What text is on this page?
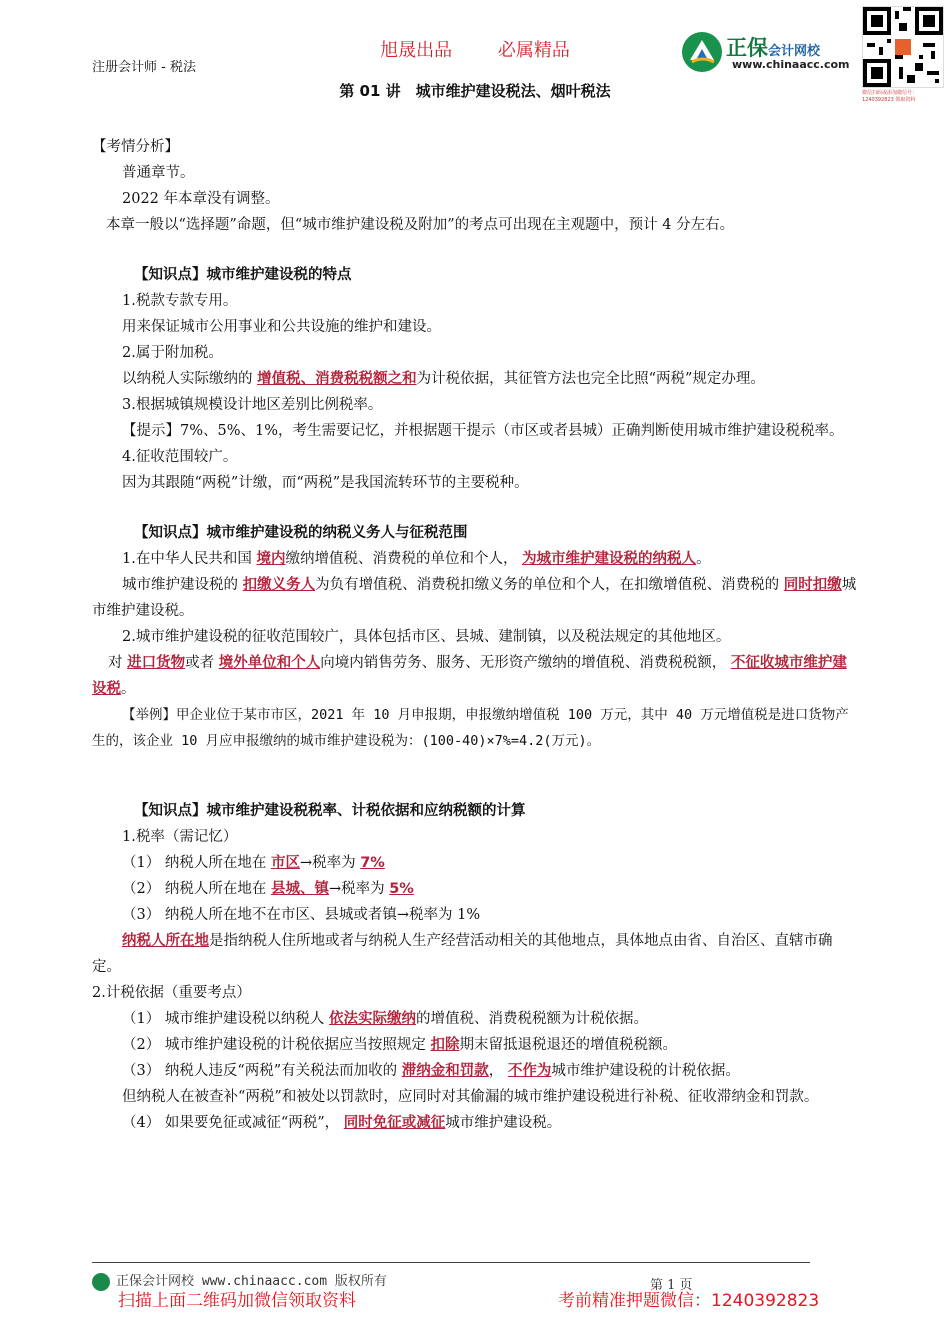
注册会计师 - 税法
旭晟出品	必属精品	正保会计网校
www.chinaacc.com
微信扫码或添加微信号：1240392823 领取资料
第 01 讲　城市维护建设税法、烟叶税法

【考情分析】

普通章节。

2022 年本章没有调整。

本章一般以“选择题”命题，但“城市维护建设税及附加”的考点可出现在主观题中，预计 4 分左右。

【知识点】城市维护建设税的特点

1.税款专款专用。

用来保证城市公用事业和公共设施的维护和建设。

2.属于附加税。

以纳税人实际缴纳的 增值税、消费税税额之和为计税依据，其征管方法也完全比照“两税”规定办理。

3.根据城镇规模设计地区差别比例税率。

【提示】7%、5%、1%，考生需要记忆，并根据题干提示（市区或者县城）正确判断使用城市维护建设税税率。

4.征收范围较广。

因为其跟随“两税”计缴，而“两税”是我国流转环节的主要税种。

【知识点】城市维护建设税的纳税义务人与征税范围

1.在中华人民共和国 境内缴纳增值税、消费税的单位和个人， 为城市维护建设税的纳税人。

城市维护建设税的 扣缴义务人为负有增值税、消费税扣缴义务的单位和个人，在扣缴增值税、消费税的 同时扣缴城市维护建设税。

2.城市维护建设税的征收范围较广，具体包括市区、县城、建制镇，以及税法规定的其他地区。

对 进口货物或者 境外单位和个人向境内销售劳务、服务、无形资产缴纳的增值税、消费税税额， 不征收城市维护建设税。

【举例】甲企业位于某市市区，2021 年 10 月申报期，申报缴纳增值税 100 万元，其中 40 万元增值税是进口货物产生的，该企业 10 月应申报缴纳的城市维护建设税为：(100-40)×7%=4.2(万元)。

【知识点】城市维护建设税税率、计税依据和应纳税额的计算

1.税率（需记忆）

（1） 纳税人所在地在 市区→税率为 7%

（2） 纳税人所在地在 县城、镇→税率为 5%

（3） 纳税人所在地不在市区、县城或者镇→税率为 1%

纳税人所在地是指纳税人住所地或者与纳税人生产经营活动相关的其他地点，具体地点由省、自治区、直辖市确定。

2.计税依据（重要考点）

（1） 城市维护建设税以纳税人 依法实际缴纳的增值税、消费税税额为计税依据。

（2） 城市维护建设税的计税依据应当按照规定 扣除期末留抵退税退还的增值税税额。

（3） 纳税人违反“两税”有关税法而加收的 滞纳金和罚款， 不作为城市维护建设税的计税依据。

但纳税人在被查补“两税”和被处以罚款时，应同时对其偷漏的城市维护建设税进行补税、征收滞纳金和罚款。

（4） 如果要免征或减征“两税”， 同时免征或减征城市维护建设税。

正保会计网校 www.chinaacc.com 版权所有	第 1 页
扫描上面二维码加微信领取资料	考前精准押题微信：1240392823
